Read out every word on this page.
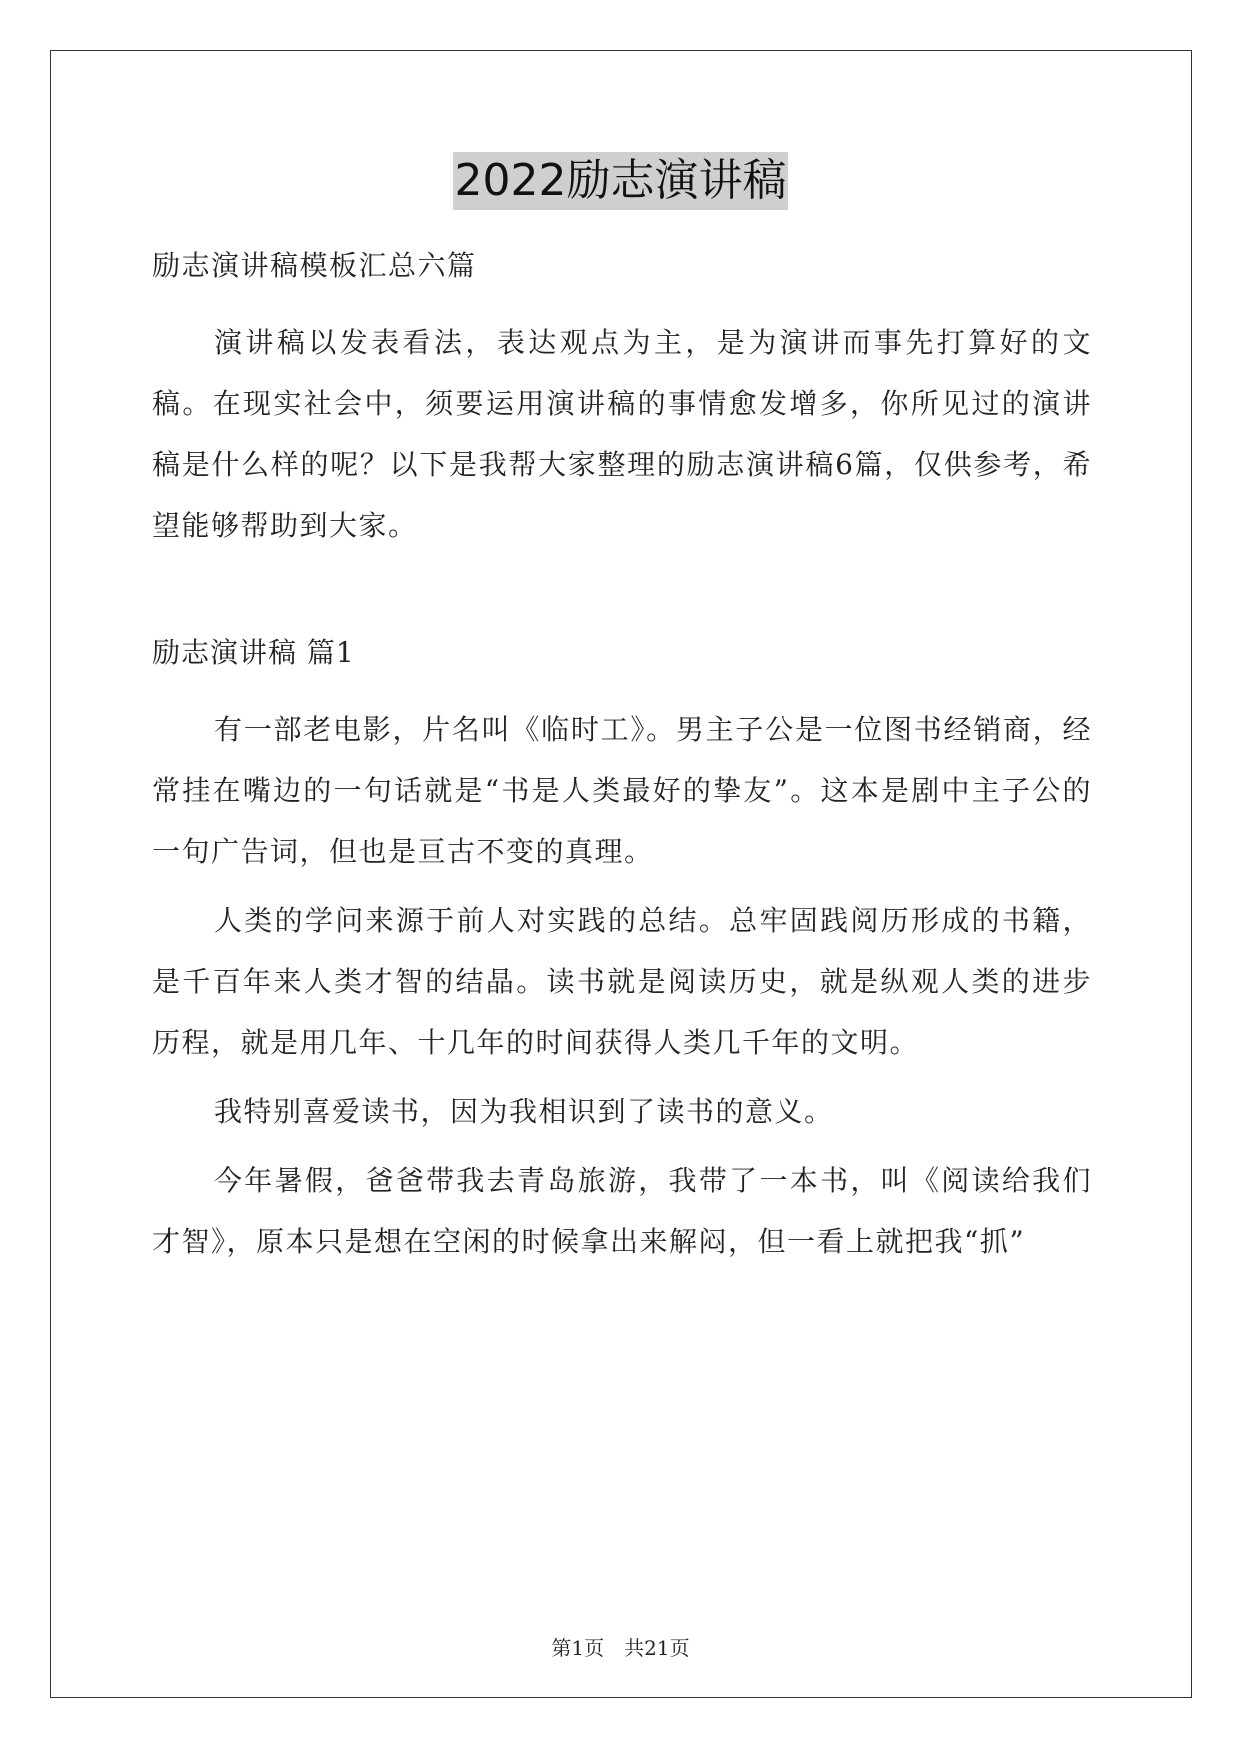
2022励志演讲稿

励志演讲稿模板汇总六篇

演讲稿以发表看法，表达观点为主，是为演讲而事先打算好的文稿。在现实社会中，须要运用演讲稿的事情愈发增多，你所见过的演讲稿是什么样的呢？以下是我帮大家整理的励志演讲稿6篇，仅供参考，希望能够帮助到大家。

励志演讲稿 篇1

有一部老电影，片名叫《临时工》。男主子公是一位图书经销商，经常挂在嘴边的一句话就是“书是人类最好的挚友”。这本是剧中主子公的一句广告词，但也是亘古不变的真理。

人类的学问来源于前人对实践的总结。总牢固践阅历形成的书籍，是千百年来人类才智的结晶。读书就是阅读历史，就是纵观人类的进步历程，就是用几年、十几年的时间获得人类几千年的文明。

我特别喜爱读书，因为我相识到了读书的意义。

今年暑假，爸爸带我去青岛旅游，我带了一本书，叫《阅读给我们才智》，原本只是想在空闲的时候拿出来解闷，但一看上就把我“抓”

第1页　共21页
